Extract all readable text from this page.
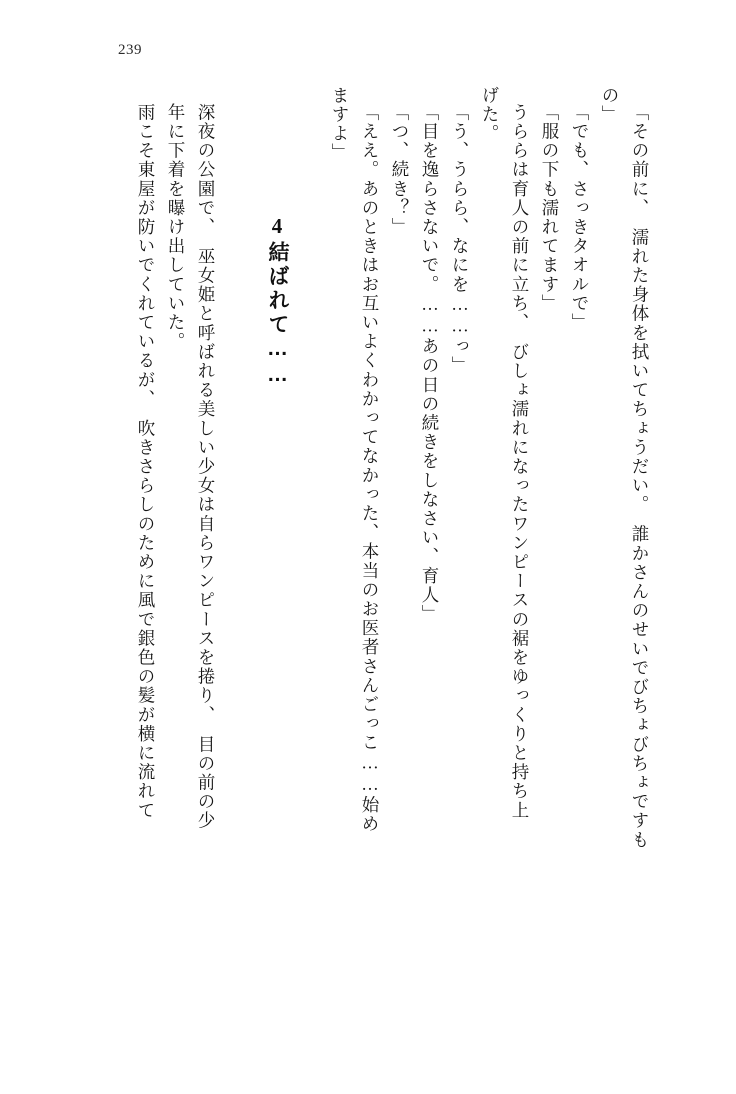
239
「その前に、　濡れた身体を拭いてちょうだい。　誰かさんのせいでびちょびちょですも
の」
「でも、さっきタオルで」
「服の下も濡れてます」
うららは育人の前に立ち、　びしょ濡れになったワンピースの裾をゆっくりと持ち上
げた。
「う、うらら、なにを……っ」
「目を逸らさないで。……あの日の続きをしなさい、育人」
「つ、続き？」
「ええ。あのときはお互いよくわかってなかった、本当のお医者さんごっこ……始め
ますよ」
4結ばれて……
深夜の公園で、　巫女姫と呼ばれる美しい少女は自らワンピースを捲り、　目の前の少
年に下着を曝け出していた。
雨こそ東屋が防いでくれているが、　吹きさらしのために風で銀色の髪が横に流れて
